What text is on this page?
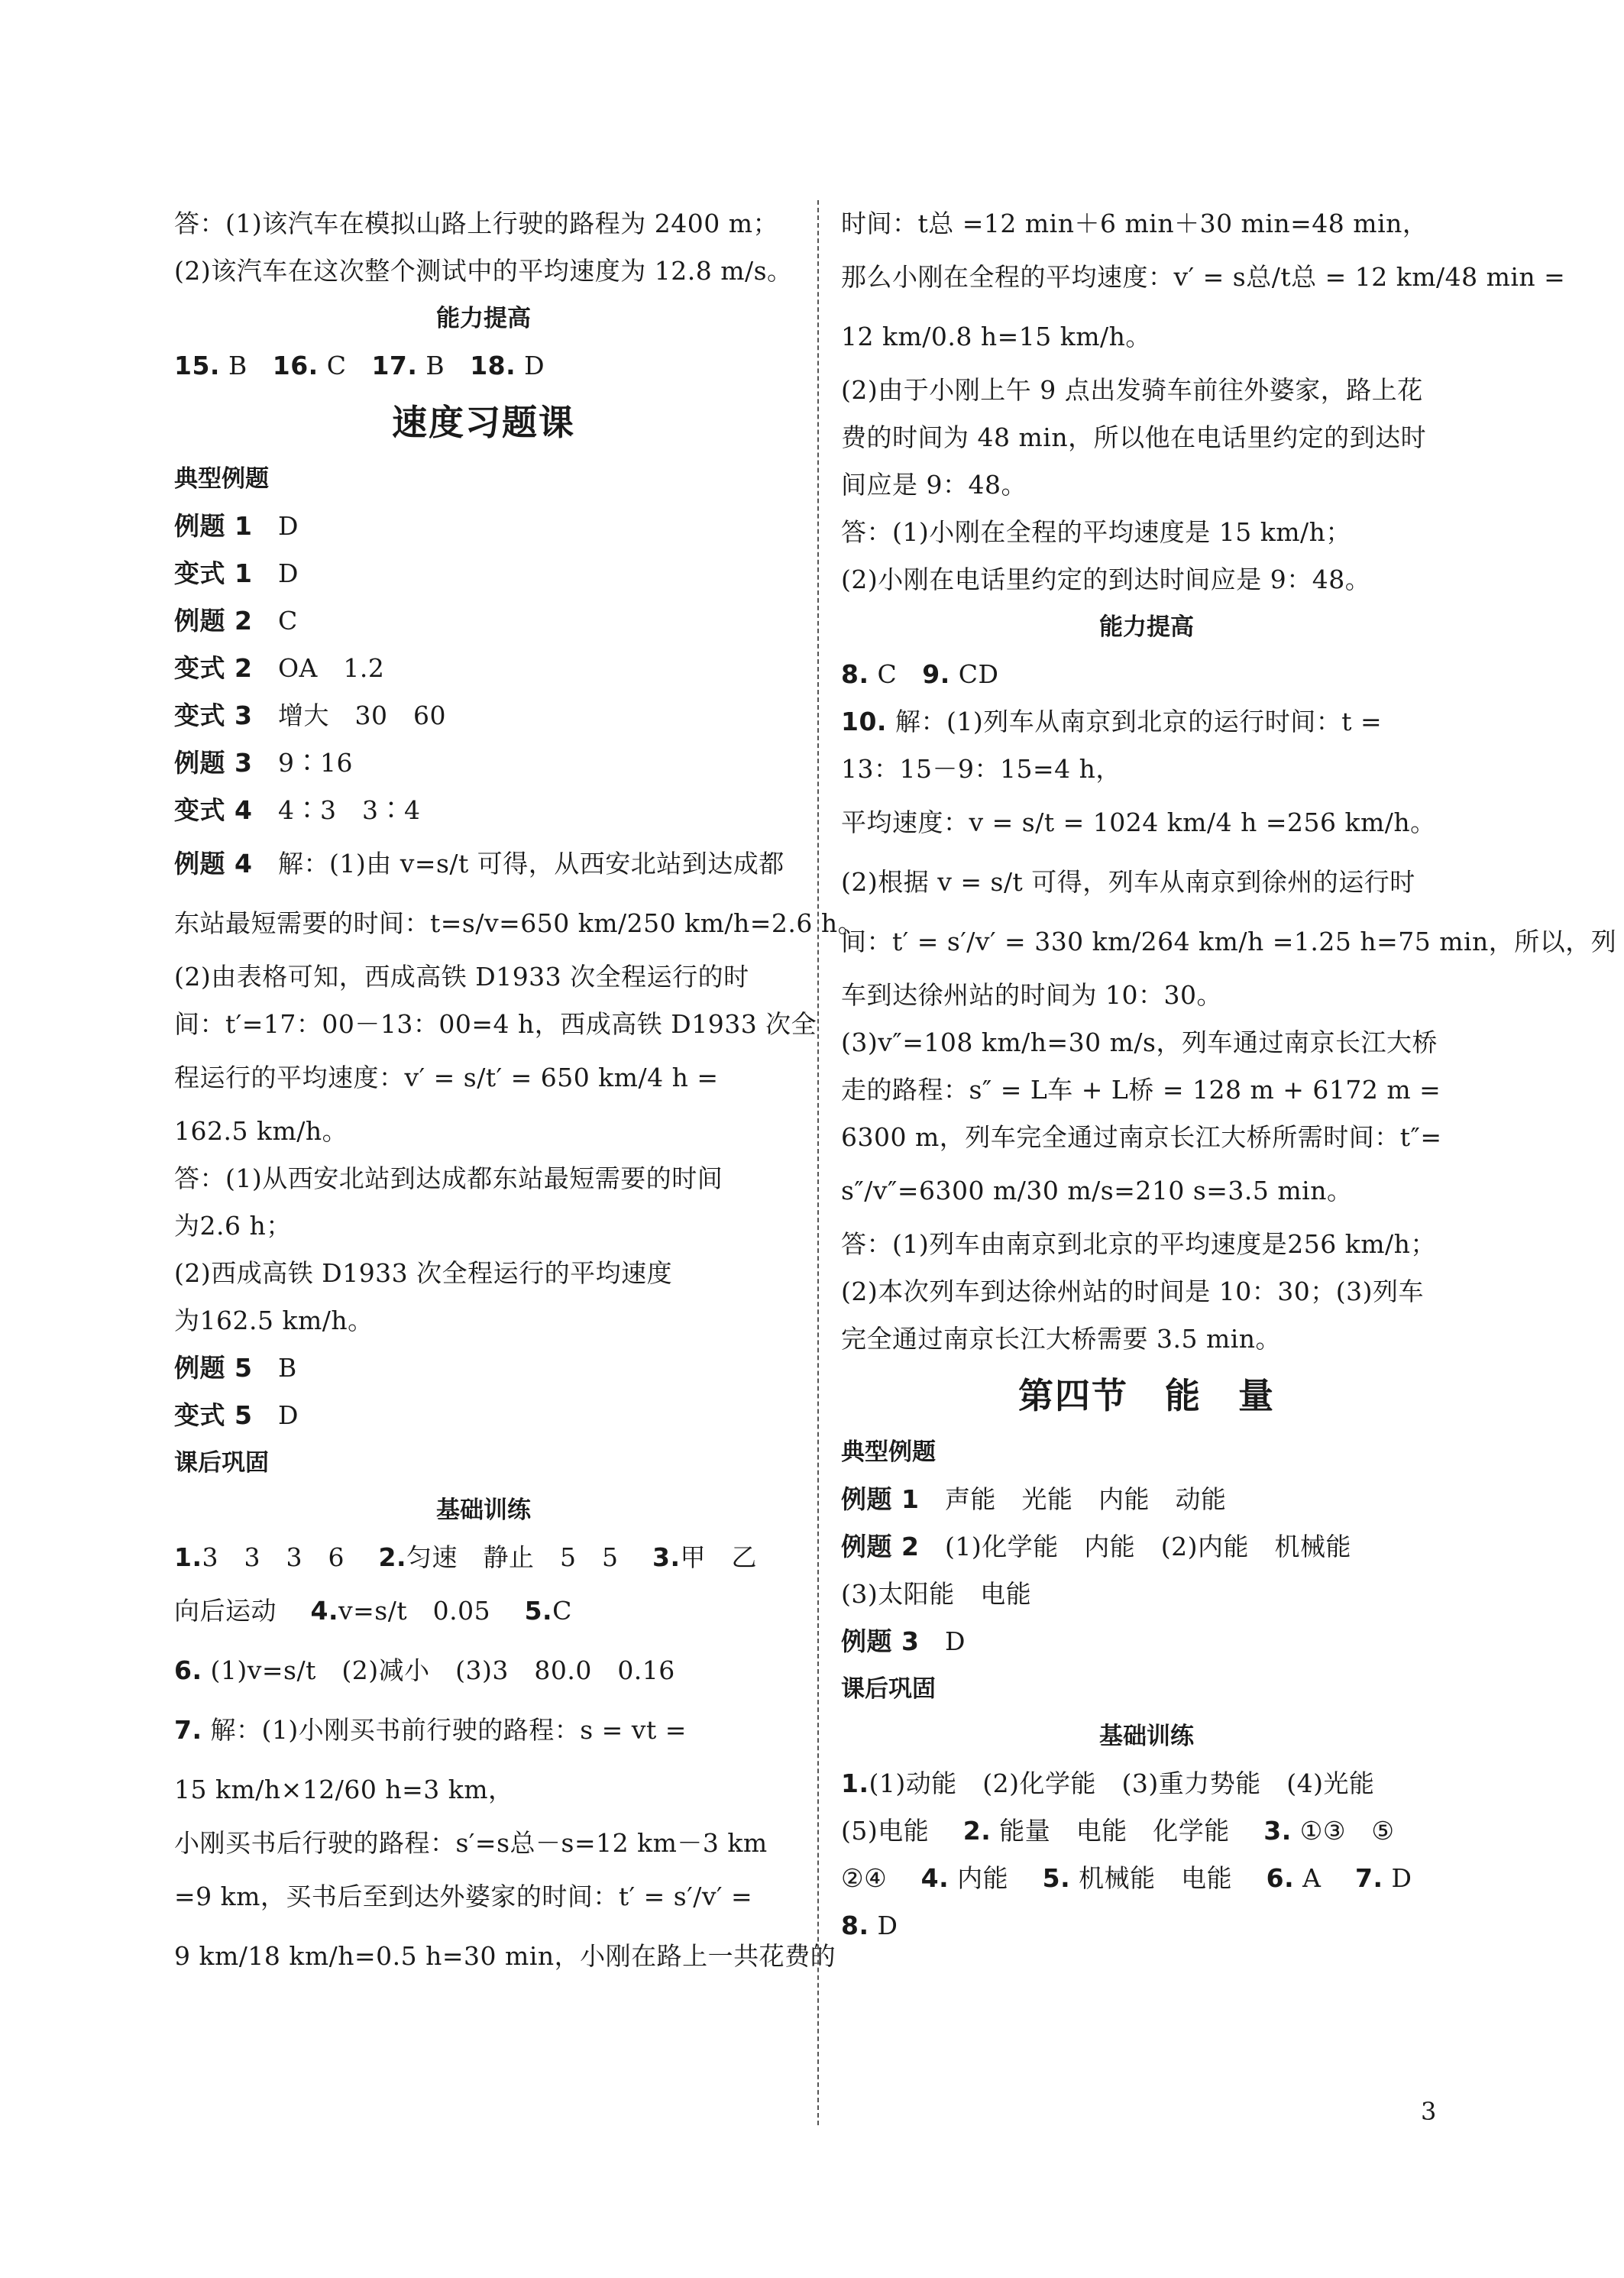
答：(1)该汽车在模拟山路上行驶的路程为 2400 m；
(2)该汽车在这次整个测试中的平均速度为 12.8 m/s。
能力提高
15. B 16. C 17. B 18. D
速度习题课
典型例题
例题 1　 D
变式 1　 D
例题 2　 C
变式 2　 OA　1.2
变式 3　 增大　30　60
例题 3　 9∶16
变式 4　 4∶3　3∶4
例题 4　 解：(1)由 v=s/t 可得，从西安北站到达成都
东站最短需要的时间：t=s/v=650 km/250 km/h=2.6 h。
(2)由表格可知，西成高铁 D1933 次全程运行的时
间：t′=17：00－13：00=4 h，西成高铁 D1933 次全
程运行的平均速度：v′ = s/t′ = 650 km/4 h =
162.5 km/h。
答：(1)从西安北站到达成都东站最短需要的时间
为2.6 h；
(2)西成高铁 D1933 次全程运行的平均速度
为162.5 km/h。
例题 5　 B
变式 5　 D
课后巩固
基础训练
1.3　3　3　6　 2.匀速　静止　5　5　 3.甲　乙
向后运动　 4.v=s/t　0.05　 5.C
6. (1)v=s/t　(2)减小　(3)3　80.0　0.16
7. 解：(1)小刚买书前行驶的路程：s = vt =
15 km/h×12/60 h=3 km，
小刚买书后行驶的路程：s′=s总－s=12 km－3 km
=9 km，买书后至到达外婆家的时间：t′ = s′/v′ =
9 km/18 km/h=0.5 h=30 min，小刚在路上一共花费的
时间：t总 =12 min＋6 min＋30 min=48 min，
那么小刚在全程的平均速度：v′ = s总/t总 = 12 km/48 min =
12 km/0.8 h=15 km/h。
(2)由于小刚上午 9 点出发骑车前往外婆家，路上花
费的时间为 48 min，所以他在电话里约定的到达时
间应是 9：48。
答：(1)小刚在全程的平均速度是 15 km/h；
(2)小刚在电话里约定的到达时间应是 9：48。
能力提高
8. C 9. CD
10. 解：(1)列车从南京到北京的运行时间：t =
13：15－9：15=4 h，
平均速度：v = s/t = 1024 km/4 h =256 km/h。
(2)根据 v = s/t 可得，列车从南京到徐州的运行时
间：t′ = s′/v′ = 330 km/264 km/h =1.25 h=75 min，所以，列
车到达徐州站的时间为 10：30。
(3)v″=108 km/h=30 m/s，列车通过南京长江大桥
走的路程：s″ = L车 + L桥 = 128 m + 6172 m =
6300 m，列车完全通过南京长江大桥所需时间：t″=
s″/v″=6300 m/30 m/s=210 s=3.5 min。
答：(1)列车由南京到北京的平均速度是256 km/h；
(2)本次列车到达徐州站的时间是 10：30；(3)列车
完全通过南京长江大桥需要 3.5 min。
第四节　能　量
典型例题
例题 1　 声能　光能　内能　动能
例题 2　 (1)化学能　内能　(2)内能　机械能
(3)太阳能　电能
例题 3　 D
课后巩固
基础训练
1.(1)动能　(2)化学能　(3)重力势能　(4)光能
(5)电能　 2. 能量　电能　化学能　 3. ①③　⑤
②④　 4. 内能　 5. 机械能　电能　 6. A　 7. D
8. D
3
